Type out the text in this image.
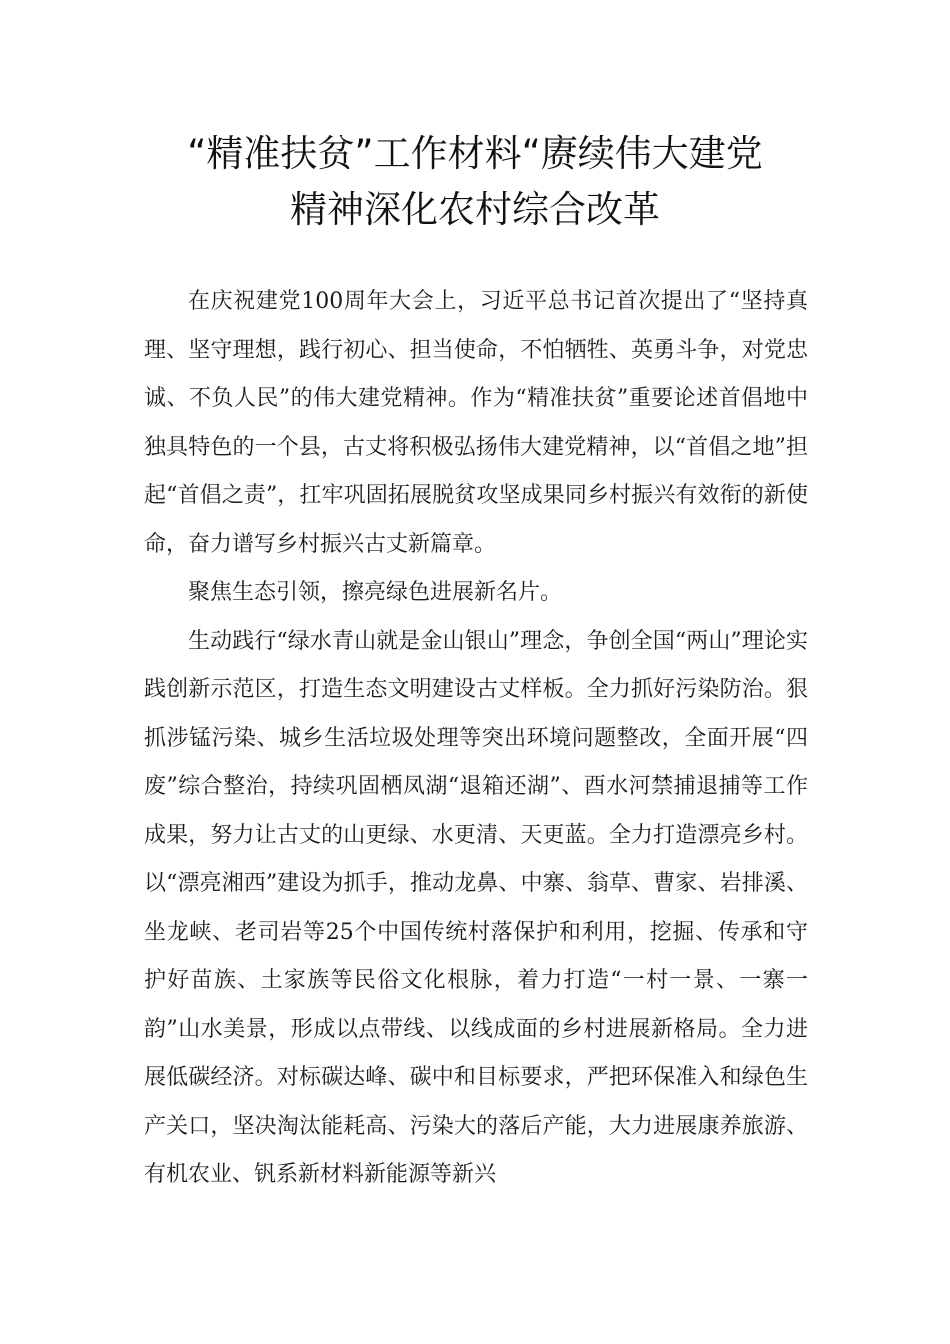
“精准扶贫”工作材料“赓续伟大建党
精神深化农村综合改革

在庆祝建党100周年大会上，习近平总书记首次提出了“坚持真理、坚守理想，践行初心、担当使命，不怕牺牲、英勇斗争，对党忠诚、不负人民”的伟大建党精神。作为“精准扶贫”重要论述首倡地中独具特色的一个县，古丈将积极弘扬伟大建党精神，以“首倡之地”担起“首倡之责”，扛牢巩固拓展脱贫攻坚成果同乡村振兴有效衔的新使命，奋力谱写乡村振兴古丈新篇章。

聚焦生态引领，擦亮绿色进展新名片。

生动践行“绿水青山就是金山银山”理念，争创全国“两山”理论实践创新示范区，打造生态文明建设古丈样板。全力抓好污染防治。狠抓涉锰污染、城乡生活垃圾处理等突出环境问题整改，全面开展“四废”综合整治，持续巩固栖凤湖“退箱还湖”、酉水河禁捕退捕等工作成果，努力让古丈的山更绿、水更清、天更蓝。全力打造漂亮乡村。以“漂亮湘西”建设为抓手，推动龙鼻、中寨、翁草、曹家、岩排溪、坐龙峡、老司岩等25个中国传统村落保护和利用，挖掘、传承和守护好苗族、土家族等民俗文化根脉，着力打造“一村一景、一寨一韵”山水美景，形成以点带线、以线成面的乡村进展新格局。全力进展低碳经济。对标碳达峰、碳中和目标要求，严把环保准入和绿色生产关口，坚决淘汰能耗高、污染大的落后产能，大力进展康养旅游、有机农业、钒系新材料新能源等新兴
